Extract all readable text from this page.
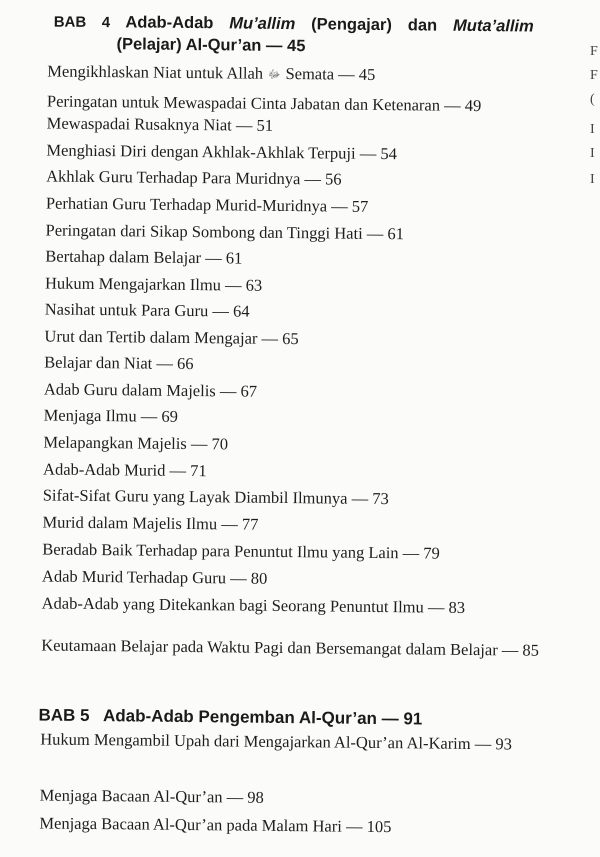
BAB 4 Adab-Adab Mu’allim (Pengajar) dan Muta’allim
(Pelajar) Al-Qur’an — 45
Mengikhlaskan Niat untuk Allah ﷻ Semata — 45
Peringatan untuk Mewaspadai Cinta Jabatan dan Ketenaran — 49
Mewaspadai Rusaknya Niat — 51
Menghiasi Diri dengan Akhlak-Akhlak Terpuji — 54
Akhlak Guru Terhadap Para Muridnya — 56
Perhatian Guru Terhadap Murid-Muridnya — 57
Peringatan dari Sikap Sombong dan Tinggi Hati — 61
Bertahap dalam Belajar — 61
Hukum Mengajarkan Ilmu — 63
Nasihat untuk Para Guru — 64
Urut dan Tertib dalam Mengajar — 65
Belajar dan Niat — 66
Adab Guru dalam Majelis — 67
Menjaga Ilmu — 69
Melapangkan Majelis — 70
Adab-Adab Murid — 71
Sifat-Sifat Guru yang Layak Diambil Ilmunya — 73
Murid dalam Majelis Ilmu — 77
Beradab Baik Terhadap para Penuntut Ilmu yang Lain — 79
Adab Murid Terhadap Guru — 80
Adab-Adab yang Ditekankan bagi Seorang Penuntut Ilmu — 83
Keutamaan Belajar pada Waktu Pagi dan Bersemangat dalam Belajar — 85
BAB 5 Adab-Adab Pengemban Al-Qur’an — 91
Hukum Mengambil Upah dari Mengajarkan Al-Qur’an Al-Karim — 93
Menjaga Bacaan Al-Qur’an — 98
Menjaga Bacaan Al-Qur’an pada Malam Hari — 105
F
F
(
I
I
I
